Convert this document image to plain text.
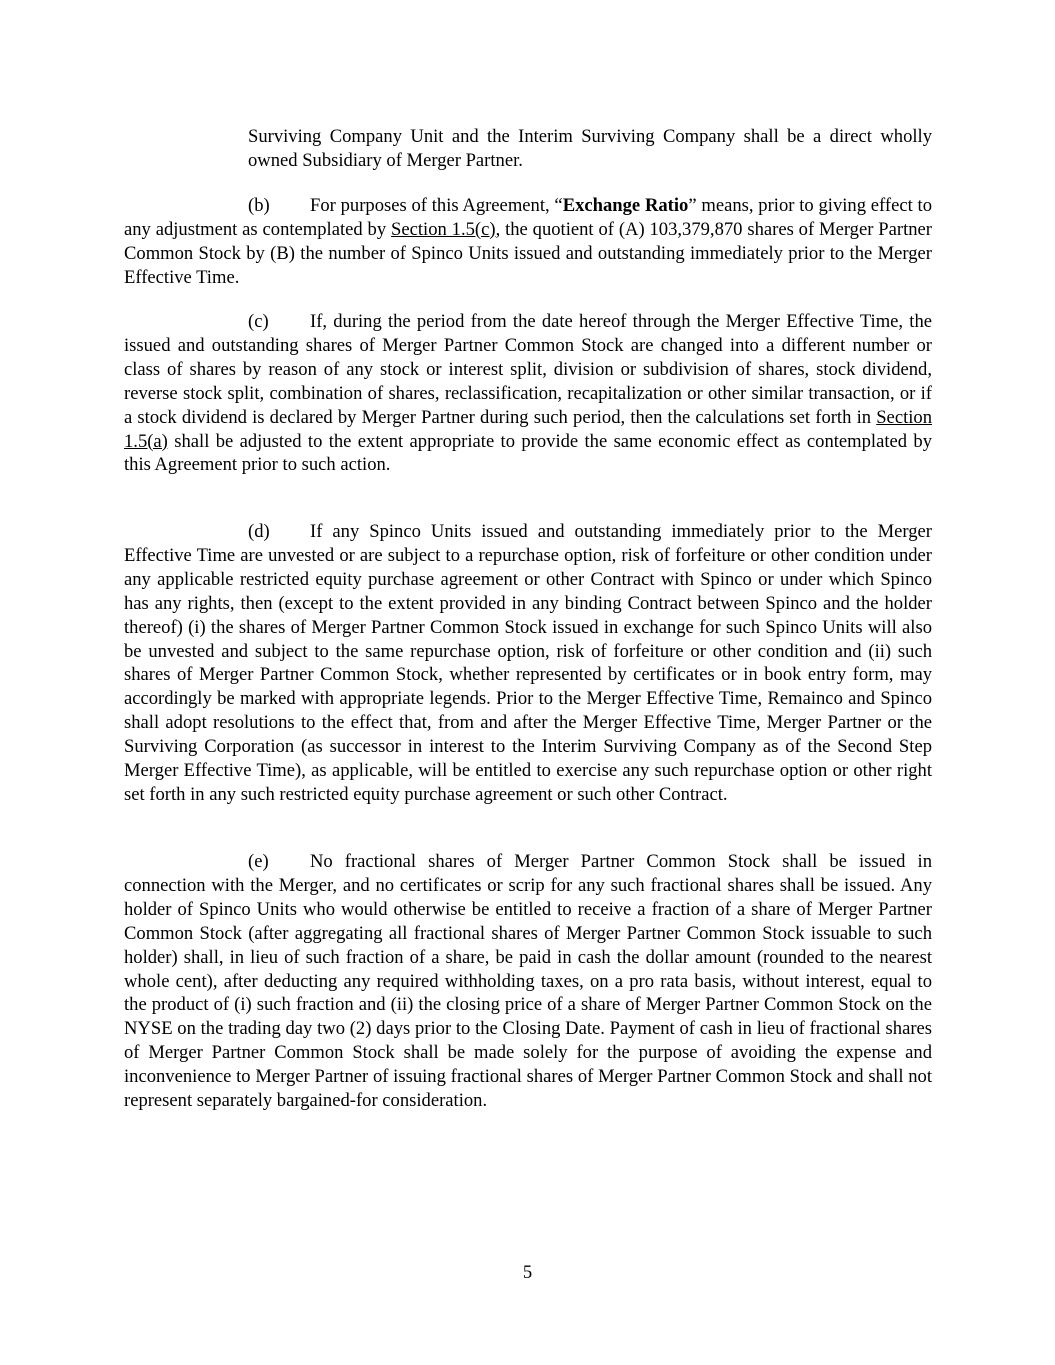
Surviving Company Unit and the Interim Surviving Company shall be a direct wholly owned Subsidiary of Merger Partner.

(b) For purposes of this Agreement, “Exchange Ratio” means, prior to giving effect to any adjustment as contemplated by Section 1.5(c), the quotient of (A) 103,379,870 shares of Merger Partner Common Stock by (B) the number of Spinco Units issued and outstanding immediately prior to the Merger Effective Time.

(c) If, during the period from the date hereof through the Merger Effective Time, the issued and outstanding shares of Merger Partner Common Stock are changed into a different number or class of shares by reason of any stock or interest split, division or subdivision of shares, stock dividend, reverse stock split, combination of shares, reclassification, recapitalization or other similar transaction, or if a stock dividend is declared by Merger Partner during such period, then the calculations set forth in Section 1.5(a) shall be adjusted to the extent appropriate to provide the same economic effect as contemplated by this Agreement prior to such action.

(d) If any Spinco Units issued and outstanding immediately prior to the Merger Effective Time are unvested or are subject to a repurchase option, risk of forfeiture or other condition under any applicable restricted equity purchase agreement or other Contract with Spinco or under which Spinco has any rights, then (except to the extent provided in any binding Contract between Spinco and the holder thereof) (i) the shares of Merger Partner Common Stock issued in exchange for such Spinco Units will also be unvested and subject to the same repurchase option, risk of forfeiture or other condition and (ii) such shares of Merger Partner Common Stock, whether represented by certificates or in book entry form, may accordingly be marked with appropriate legends. Prior to the Merger Effective Time, Remainco and Spinco shall adopt resolutions to the effect that, from and after the Merger Effective Time, Merger Partner or the Surviving Corporation (as successor in interest to the Interim Surviving Company as of the Second Step Merger Effective Time), as applicable, will be entitled to exercise any such repurchase option or other right set forth in any such restricted equity purchase agreement or such other Contract.

(e) No fractional shares of Merger Partner Common Stock shall be issued in connection with the Merger, and no certificates or scrip for any such fractional shares shall be issued. Any holder of Spinco Units who would otherwise be entitled to receive a fraction of a share of Merger Partner Common Stock (after aggregating all fractional shares of Merger Partner Common Stock issuable to such holder) shall, in lieu of such fraction of a share, be paid in cash the dollar amount (rounded to the nearest whole cent), after deducting any required withholding taxes, on a pro rata basis, without interest, equal to the product of (i) such fraction and (ii) the closing price of a share of Merger Partner Common Stock on the NYSE on the trading day two (2) days prior to the Closing Date. Payment of cash in lieu of fractional shares of Merger Partner Common Stock shall be made solely for the purpose of avoiding the expense and inconvenience to Merger Partner of issuing fractional shares of Merger Partner Common Stock and shall not represent separately bargained-for consideration.

5
